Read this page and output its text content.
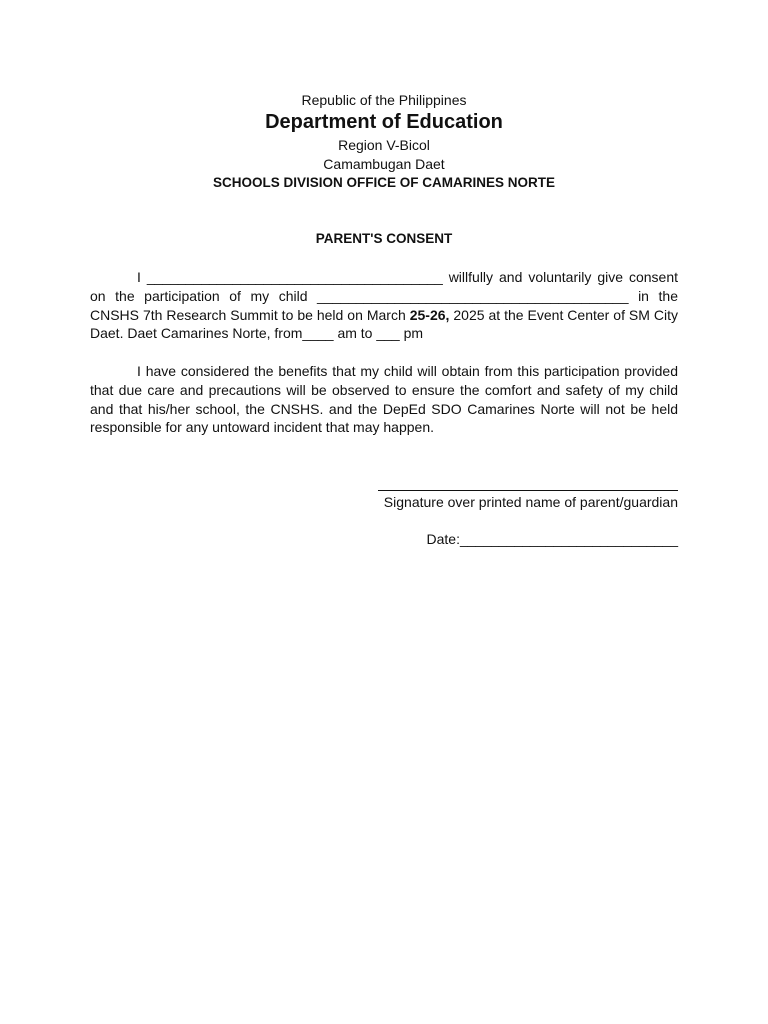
Republic of the Philippines
Department of Education
Region V-Bicol
Camambugan Daet
SCHOOLS DIVISION OFFICE OF CAMARINES NORTE
PARENT'S CONSENT

I ______________________________________ willfully and voluntarily give consent on the participation of my child ________________________________________ in the CNSHS 7th Research Summit to be held on March 25-26, 2025 at the Event Center of SM City Daet. Daet Camarines Norte, from____ am to ___ pm

I have considered the benefits that my child will obtain from this participation provided that due care and precautions will be observed to ensure the comfort and safety of my child and that his/her school, the CNSHS. and the DepEd SDO Camarines Norte will not be held responsible for any untoward incident that may happen.

Signature over printed name of parent/guardian
Date:____________________________
